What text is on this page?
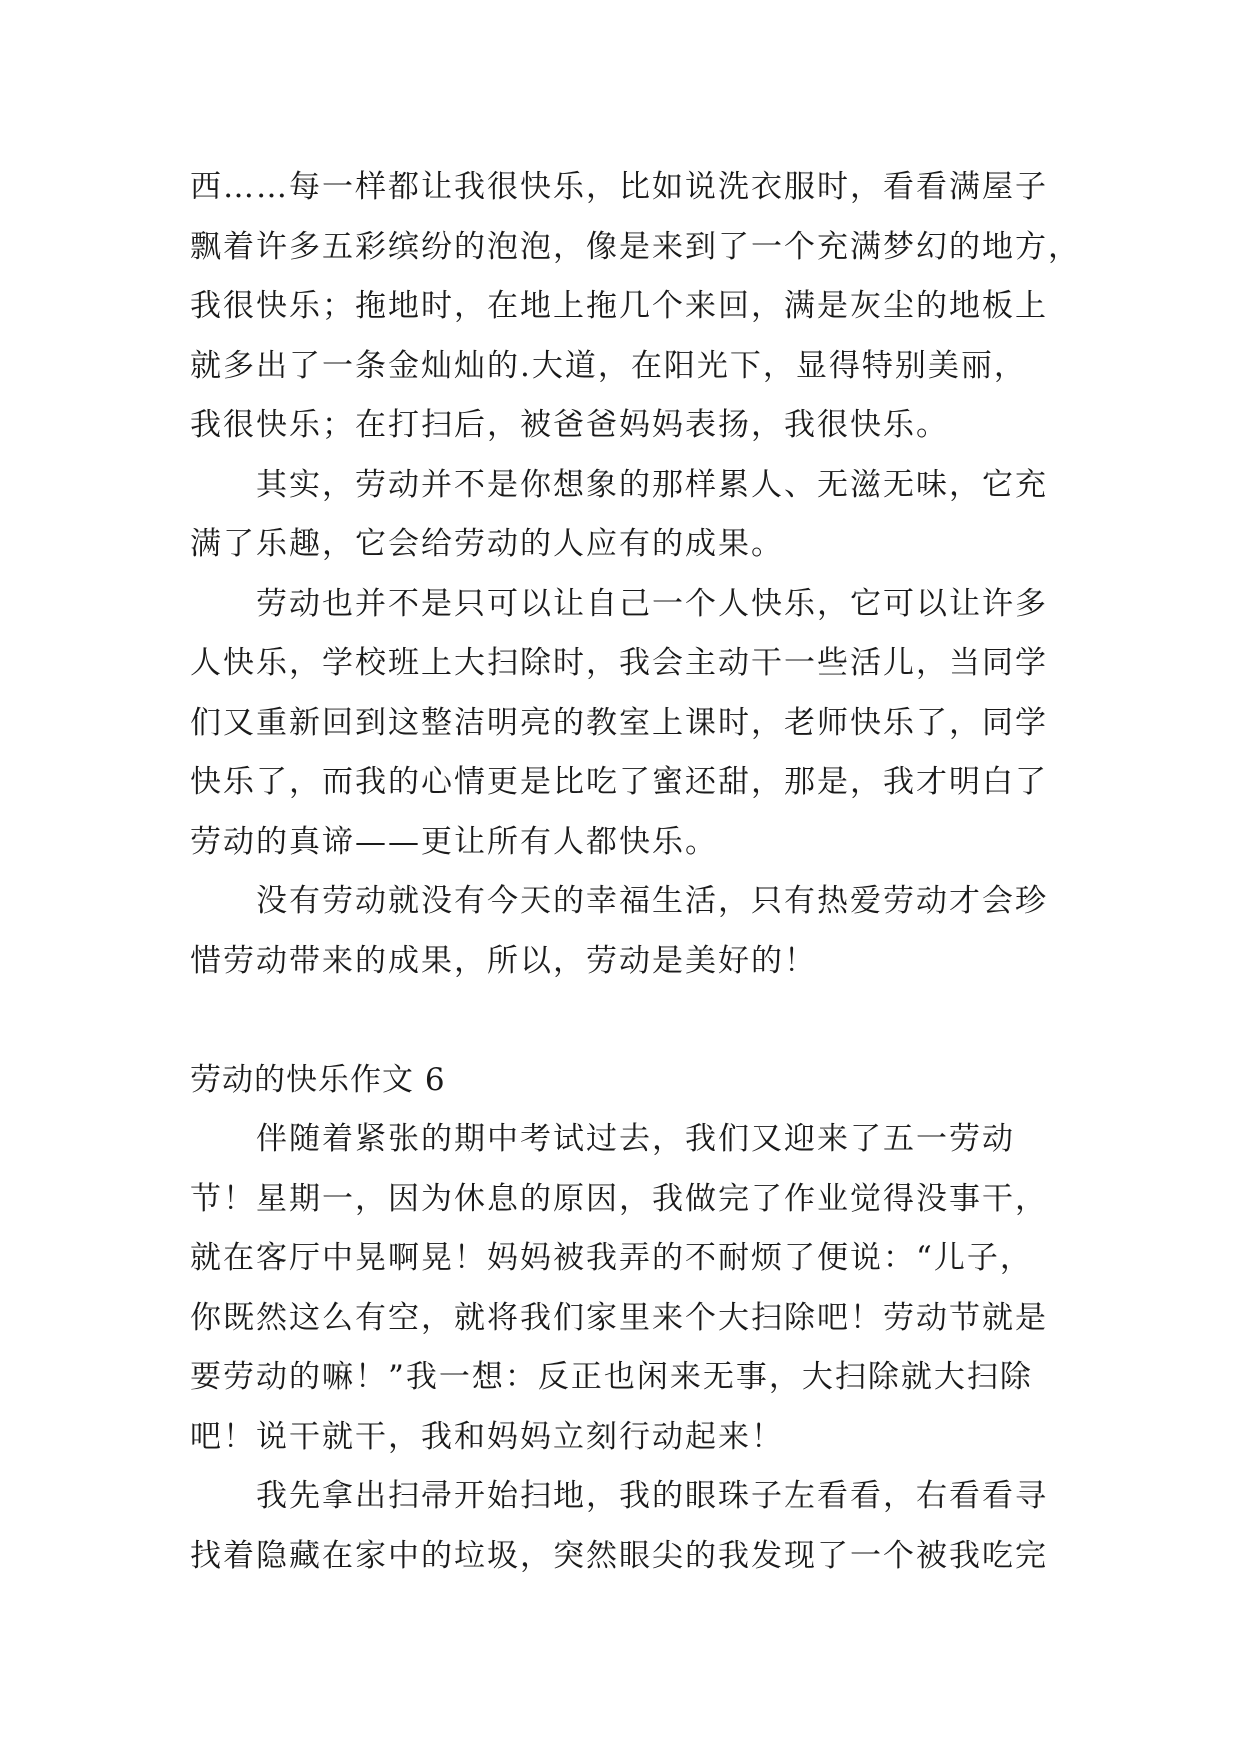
西……每一样都让我很快乐，比如说洗衣服时，看看满屋子
飘着许多五彩缤纷的泡泡，像是来到了一个充满梦幻的地方，
我很快乐；拖地时，在地上拖几个来回，满是灰尘的地板上
就多出了一条金灿灿的.大道，在阳光下，显得特别美丽，
我很快乐；在打扫后，被爸爸妈妈表扬，我很快乐。
其实，劳动并不是你想象的那样累人、无滋无味，它充
满了乐趣，它会给劳动的人应有的成果。
劳动也并不是只可以让自己一个人快乐，它可以让许多
人快乐，学校班上大扫除时，我会主动干一些活儿，当同学
们又重新回到这整洁明亮的教室上课时，老师快乐了，同学
快乐了，而我的心情更是比吃了蜜还甜，那是，我才明白了
劳动的真谛——更让所有人都快乐。
没有劳动就没有今天的幸福生活，只有热爱劳动才会珍
惜劳动带来的成果，所以，劳动是美好的！
劳动的快乐作文 6
伴随着紧张的期中考试过去，我们又迎来了五一劳动
节！星期一，因为休息的原因，我做完了作业觉得没事干，
就在客厅中晃啊晃！妈妈被我弄的不耐烦了便说：“儿子，
你既然这么有空，就将我们家里来个大扫除吧！劳动节就是
要劳动的嘛！”我一想：反正也闲来无事，大扫除就大扫除
吧！说干就干，我和妈妈立刻行动起来！
我先拿出扫帚开始扫地，我的眼珠子左看看，右看看寻
找着隐藏在家中的垃圾，突然眼尖的我发现了一个被我吃完
